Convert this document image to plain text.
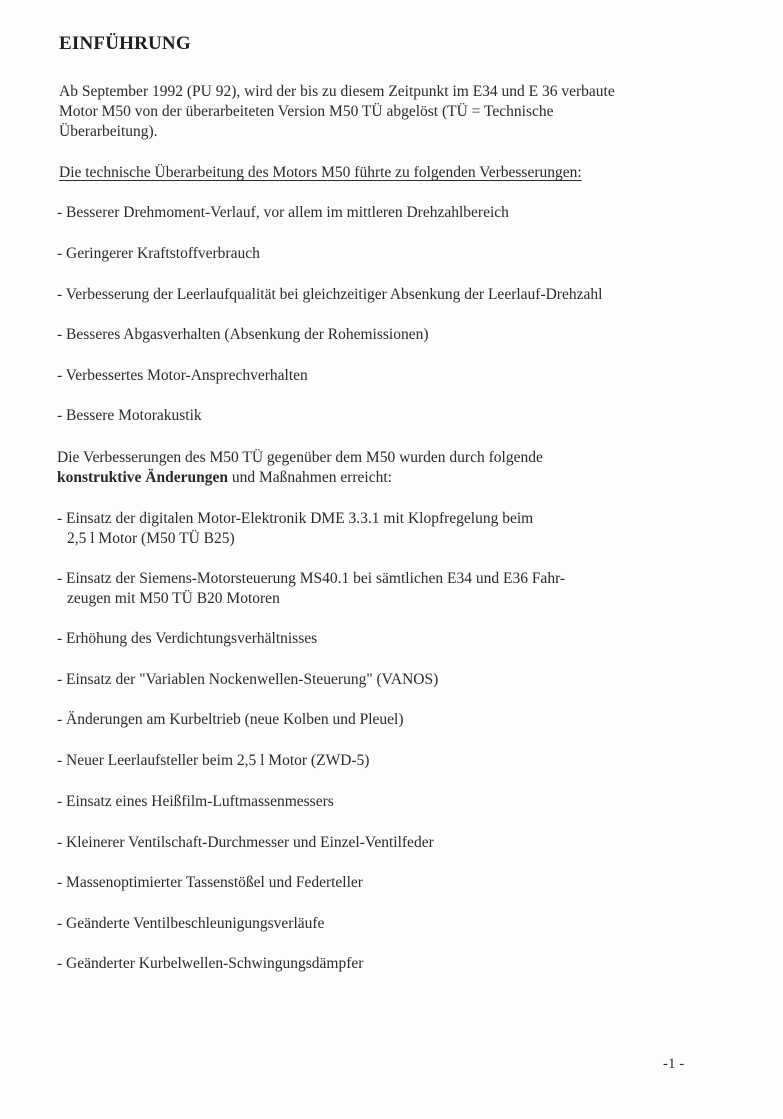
EINFÜHRUNG
Ab September 1992 (PU 92), wird der bis zu diesem Zeitpunkt im E34 und E 36 verbaute
Motor M50 von der überarbeiteten Version M50 TÜ abgelöst (TÜ = Technische
Überarbeitung).
Die technische Überarbeitung des Motors M50 führte zu folgenden Verbesserungen:
- Besserer Drehmoment-Verlauf, vor allem im mittleren Drehzahlbereich
- Geringerer Kraftstoffverbrauch
- Verbesserung der Leerlaufqualität bei gleichzeitiger Absenkung der Leerlauf-Drehzahl
- Besseres Abgasverhalten (Absenkung der Rohemissionen)
- Verbessertes Motor-Ansprechverhalten
- Bessere Motorakustik
Die Verbesserungen des M50 TÜ gegenüber dem M50 wurden durch folgende
konstruktive Änderungen und Maßnahmen erreicht:
- Einsatz der digitalen Motor-Elektronik DME 3.3.1 mit Klopfregelung beim
2,5 l Motor (M50 TÜ B25)
- Einsatz der Siemens-Motorsteuerung MS40.1 bei sämtlichen E34 und E36 Fahr-
zeugen mit M50 TÜ B20 Motoren
- Erhöhung des Verdichtungsverhältnisses
- Einsatz der "Variablen Nockenwellen-Steuerung" (VANOS)
- Änderungen am Kurbeltrieb (neue Kolben und Pleuel)
- Neuer Leerlaufsteller beim 2,5 l Motor (ZWD-5)
- Einsatz eines Heißfilm-Luftmassenmessers
- Kleinerer Ventilschaft-Durchmesser und Einzel-Ventilfeder
- Massenoptimierter Tassenstößel und Federteller
- Geänderte Ventilbeschleunigungsverläufe
- Geänderter Kurbelwellen-Schwingungsdämpfer
-1 -
